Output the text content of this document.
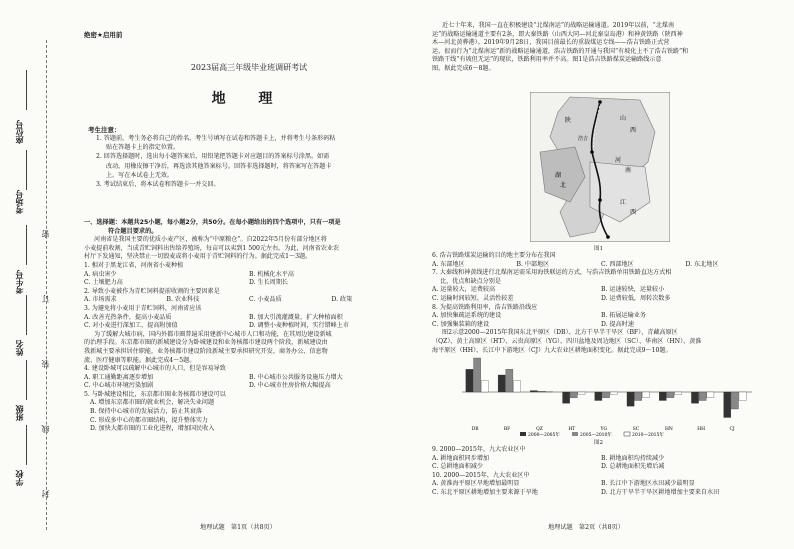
座位号
考场号
考生号
姓名
班级
学校
密
订
装
线
封
绝密★启用前
2023届高三年级毕业班调研考试
地 理
考生注意：
1. 答题前，考生务必将自己的姓名、考生号填写在试卷和答题卡上，并将考生号条形码粘
贴在答题卡上的指定位置。
2. 回答选择题时，选出每小题答案后，用铅笔把答题卡对应题目的答案标号涂黑。如需
改动，用橡皮擦干净后，再选涂其他答案标号。回答非选择题时，将答案写在答题卡
上。写在本试卷上无效。
3. 考试结束后，将本试卷和答题卡一并交回。
一、选择题：本题共25小题，每小题2分，共50分。在每小题给出的四个选项中，只有一项是
符合题目要求的。
河南省是我国主要的优质小麦产区，被称为“中原粮仓”。自2022年5月份有部分地区将
小麦提前收割，当成青贮饲料出售给养殖场，每亩可以卖到1 500元左右。为此，河南省农业农
村厅下发通知，坚决禁止一切毁麦或将小麦用于青贮饲料的行为。据此完成1～3题。
1. 相对于黑龙江省，河南省小麦种植
A. 病虫害少	B. 机械化水平高
C. 土壤肥力高	D. 生长周期长
2. 导致小麦被作为青贮饲料提前收割的主要因素是
A. 市场需求	B. 农业科技	C. 小麦品质	D. 政策
3. 为避免将小麦用于青贮饲料，河南省应该
A. 改善光热条件，提高小麦品质	B. 加大引流灌溉量，扩大种植面积
C. 对小麦进行深加工，提高附加值	D. 调整小麦种植时间，实行错峰上市
为了缓解大城市病，国内外都市圈普遍采用建新中心城市人口和功能，在其周边建设新城
的治理手段。东京都市圈的新城建设分为卧城建设和业务核都市建设两个阶段，新城建设由
我新城主要承担居住职能，业务核都市建设阶段新城主要承担研究开发、商务办公、信息物
流、医疗健康等职能。据此完成4～5题。
4. 建设卧城可以疏解中心城市的人口，但是容易导致
A. 职工通勤距离逐步增加	B. 中心城市公共服务设施压力增大
C. 中心城市环境污染加剧	D. 中心城市住房价格大幅提高
5. 与卧城建设相比，东京都市圈业务核都市建设可以
A. 增加东京都市圈的就业机会，解决失业问题
B. 保持中心城市的发展活力，防止其衰落
C. 形成多中心的都市圈结构，提升整体实力
D. 加快大都市圈的工业化进程，增加国民收入
地理试题　第1页（共8页）
近七十年来，我国一直在积极建设“北煤南运”的战略运输通道。2019年以前，“北煤南
运”的战略运输通道主要有2条，即大秦铁路（山西大同—河北秦皇岛港）和神黄铁路（陕西神
木—河北黄骅港）。2019年9月28日，我国目前最长的重载煤运专线——浩吉铁路正式营
运，很而行为“北煤南运”新的战略运输通道，浩吉铁路的开通与我国“有坡化上不了浩吉铁路”和
铁路干线“有坡但无运”的现状，铁路利用率并不高。图1是浩吉铁路煤炭运输路线示意
图。据此完成6～8题。
陕	山
西
河
南
湖
北
江
西
浩吉
图1
6. 浩吉铁路煤炭运输的目的地主要分布在我国
A. 东部地区	B. 中部地区	C. 西部地区	D. 东北地区
7. 大秦线和神黄线进行北煤南运需采用海铁联运的方式，与浩吉铁路单用铁路直达方式相
比，优点和缺点分别是
A. 运量较大，运费较高	B. 运速较快，运量较小
C. 运输时间较短，灵活性较差	D. 运费较低，周转次数多
8. 为提高铁路利用率，浩吉铁路沿线应
A. 加快集疏运系统的建设	B. 拓展运输业务
C. 加强集装箱的建设	D. 提高时速
图2示意2000—2015年我国东北平原区（DB）、北方干旱半干旱区（BF）、青藏高原区
（QZ）、黄土高原区（HT）、云贵高原区（YG）、四川盆地及周边地区（SC）、华南区（HN）、黄淮
海平原区（HH）、长江中下游地区（CJ）九大农业区耕地面积变化。据此完成9～10题。
DB	BF	QZ	HT	YG	SC	HN	HH	CJ
2000—2005年	2005—2010年	2010—2015年
图2
9. 2000—2015年，九大农业区中
A. 耕地面积同步增加	B. 耕地面积均持续减少
C. 总耕地面积减少	D. 总耕地面积先增后减
10. 2000—2015年，九大农业区中
A. 黄淮海平原区旱地增加最明显	B. 长江中下游地区水田减少最明显
C. 东北平原区耕地增加主要来源于旱地	D. 北方干旱半干旱区耕地增加主要来自水田
地理试题　第2页（共8页）
